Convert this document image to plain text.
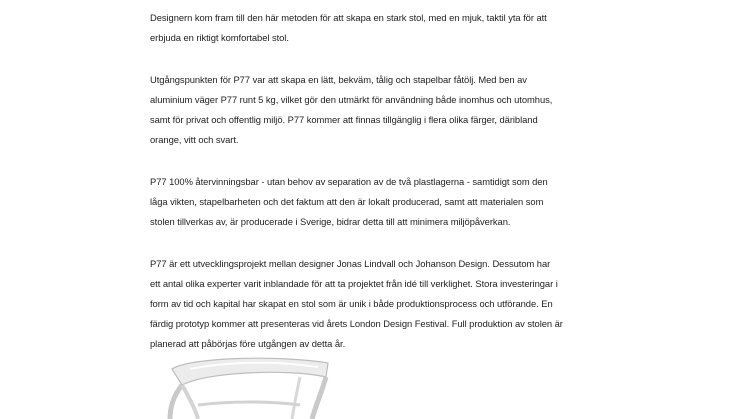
Designern kom fram till den här metoden för att skapa en stark stol, med en mjuk, taktil yta för att
erbjuda en riktigt komfortabel stol.

Utgångspunkten för P77 var att skapa en lätt, bekväm, tålig och stapelbar fåtölj. Med ben av
aluminium väger P77 runt 5 kg, vilket gör den utmärkt för användning både inomhus och utomhus,
samt för privat och offentlig miljö. P77 kommer att finnas tillgänglig i flera olika färger, däribland
orange, vitt och svart.

P77 100% återvinningsbar - utan behov av separation av de två plastlagerna - samtidigt som den
låga vikten, stapelbarheten och det faktum att den är lokalt producerad, samt att materialen som
stolen tillverkas av, är producerade i Sverige, bidrar detta till att minimera miljöpåverkan.

P77 är ett utvecklingsprojekt mellan designer Jonas Lindvall och Johanson Design. Dessutom har
ett antal olika experter varit inblandade för att ta projektet från idé till verklighet. Stora investeringar i
form av tid och kapital har skapat en stol som är unik i både produktionsprocess och utförande. En
färdig prototyp kommer att presenteras vid årets London Design Festival. Full produktion av stolen är
planerad att påbörjas före utgången av detta år.
